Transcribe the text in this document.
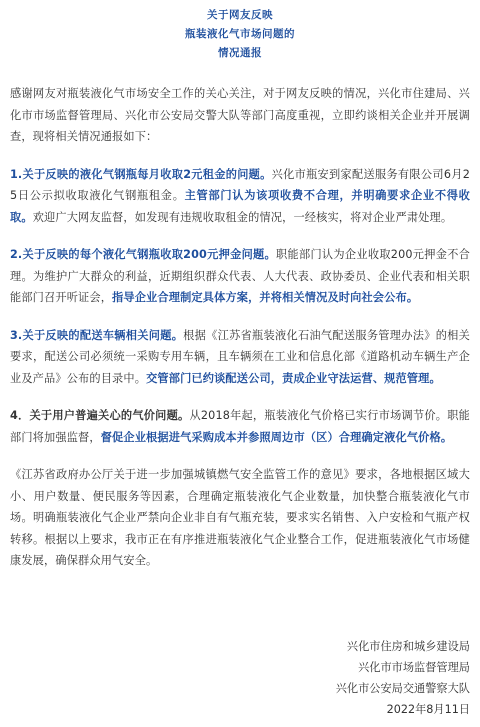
关于网友反映
瓶装液化气市场问题的
情况通报

感谢网友对瓶装液化气市场安全工作的关心关注，对于网友反映的情况，兴化市住建局、兴化市市场监督管理局、兴化市公安局交警大队等部门高度重视，立即约谈相关企业并开展调查，现将相关情况通报如下：

1.关于反映的液化气钢瓶每月收取2元租金的问题。兴化市瓶安到家配送服务有限公司6月25日公示拟收取液化气钢瓶租金。主管部门认为该项收费不合理，并明确要求企业不得收取。欢迎广大网友监督，如发现有违规收取租金的情况，一经核实，将对企业严肃处理。

2.关于反映的每个液化气钢瓶收取200元押金问题。职能部门认为企业收取200元押金不合理。为维护广大群众的利益，近期组织群众代表、人大代表、政协委员、企业代表和相关职能部门召开听证会，指导企业合理制定具体方案，并将相关情况及时向社会公布。

3.关于反映的配送车辆相关问题。根据《江苏省瓶装液化石油气配送服务管理办法》的相关要求，配送公司必须统一采购专用车辆，且车辆须在工业和信息化部《道路机动车辆生产企业及产品》公布的目录中。交管部门已约谈配送公司，责成企业守法运营、规范管理。

4．关于用户普遍关心的气价问题。从2018年起，瓶装液化气价格已实行市场调节价。职能部门将加强监督，督促企业根据进气采购成本并参照周边市（区）合理确定液化气价格。

《江苏省政府办公厅关于进一步加强城镇燃气安全监管工作的意见》要求，各地根据区域大小、用户数量、便民服务等因素，合理确定瓶装液化气企业数量，加快整合瓶装液化气市场。明确瓶装液化气企业严禁向企业非自有气瓶充装，要求实名销售、入户安检和气瓶产权转移。根据以上要求，我市正在有序推进瓶装液化气企业整合工作，促进瓶装液化气市场健康发展，确保群众用气安全。

兴化市住房和城乡建设局
兴化市市场监督管理局
兴化市公安局交通警察大队
2022年8月11日
